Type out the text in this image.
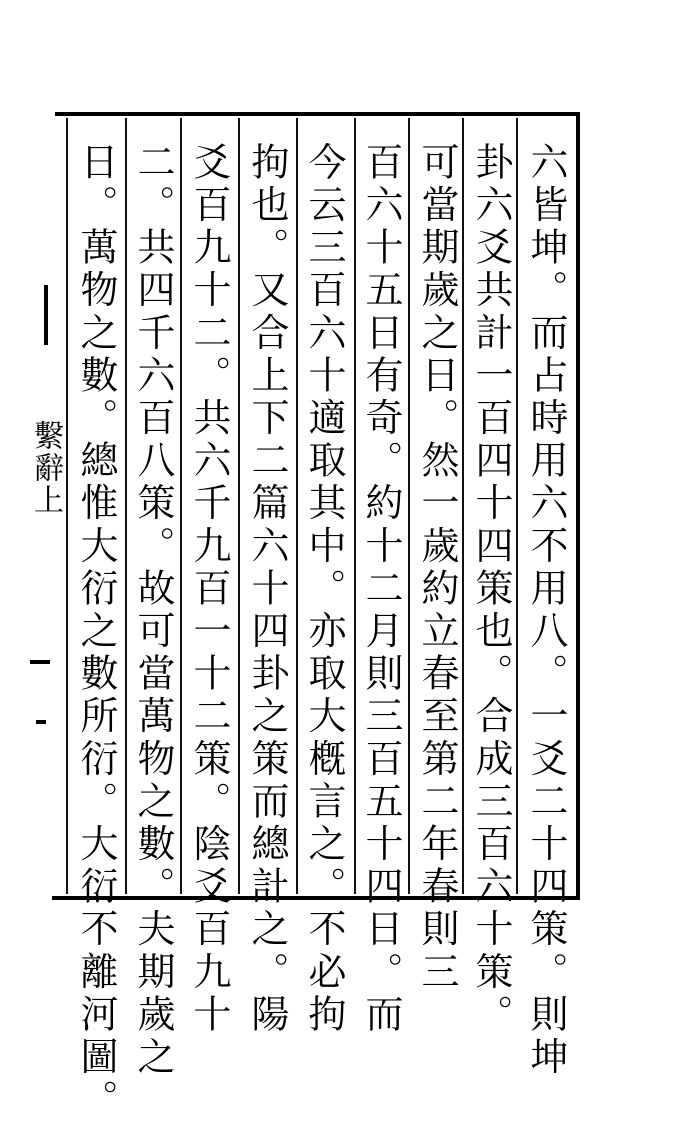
六皆坤。而占時用六不用八。一爻二十四策。則坤
卦六爻共計一百四十四策也。合成三百六十策。
可當期歲之日。然一歲約立春至第二年春則三
百六十五日有奇。約十二月則三百五十四日。而
今云三百六十適取其中。亦取大槪言之。不必拘
拘也。又合上下二篇六十四卦之策而總計之。陽
爻百九十二。共六千九百一十二策。陰爻百九十
二。共四千六百八策。故可當萬物之數。夫期歲之
日。萬物之數。總惟大衍之數所衍。大衍不離河圖。
繫辭上
